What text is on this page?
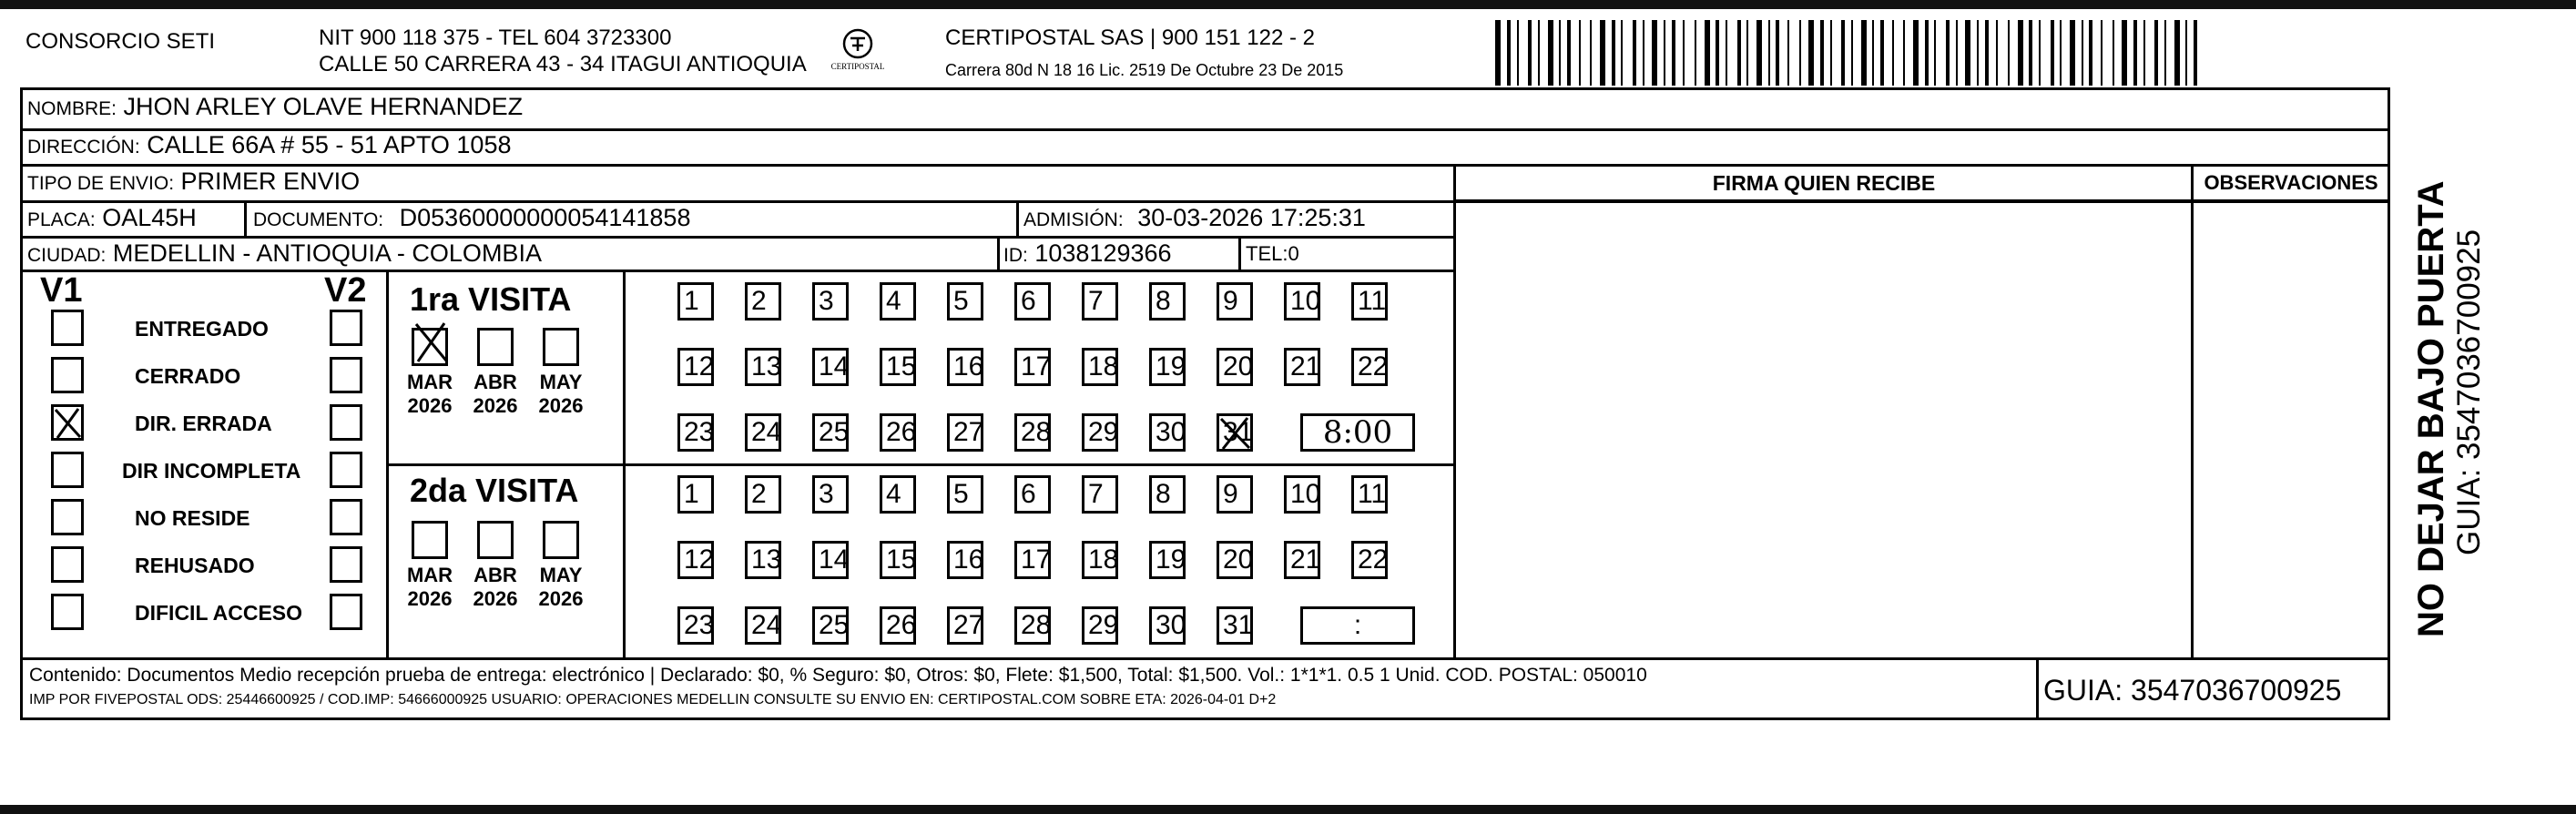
CONSORCIO SETI	NIT 900 118 375 - TEL 604 3723300
CALLE 50 CARRERA 43 - 34 ITAGUI ANTIOQUIA	CERTIPOSTAL
CERTIPOSTAL SAS | 900 151 122 - 2
Carrera 80d N 18 16 Lic. 2519 De Octubre 23 De 2015
NOMBRE: JHON ARLEY OLAVE HERNANDEZ
DIRECCIÓN: CALLE 66A # 55 - 51 APTO 1058
TIPO DE ENVIO: PRIMER ENVIO
PLACA: OAL45H	DOCUMENTO: D05360000000054141858	ADMISIÓN: 30-03-2026 17:25:31
CIUDAD: MEDELLIN - ANTIOQUIA - COLOMBIA	ID: 1038129366	TEL:0
FIRMA QUIEN RECIBE	OBSERVACIONES
V1	V2
ENTREGADO
CERRADO
DIR. ERRADA
DIR INCOMPLETA
NO RESIDE
REHUSADO
DIFICIL ACCESO
1ra VISITA
2da VISITA
MAR
2026
ABR
2026
MAY
2026
1	2	3	4	5	6	7	8	9	10 11
12 13 14 15 16 17 18 19 20 21 22
23 24 25 26 27 28 29 30 31	8:00
MAR
2026
ABR
2026
MAY
2026
1	2	3	4	5	6	7	8	9	10 11
12 13 14 15 16 17 18 19 20 21 22
23 24 25 26 27 28 29 30 31	:
Contenido: Documentos Medio recepción prueba de entrega: electrónico | Declarado: $0, % Seguro: $0, Otros: $0, Flete: $1,500, Total: $1,500. Vol.: 1*1*1. 0.5 1 Unid. COD. POSTAL: 050010
IMP POR FIVEPOSTAL ODS: 25446600925 / COD.IMP: 54666000925 USUARIO: OPERACIONES MEDELLIN CONSULTE SU ENVIO EN: CERTIPOSTAL.COM SOBRE ETA: 2026-04-01 D+2	GUIA: 3547036700925
NO DEJAR BAJO PUERTA GUIA: 3547036700925
